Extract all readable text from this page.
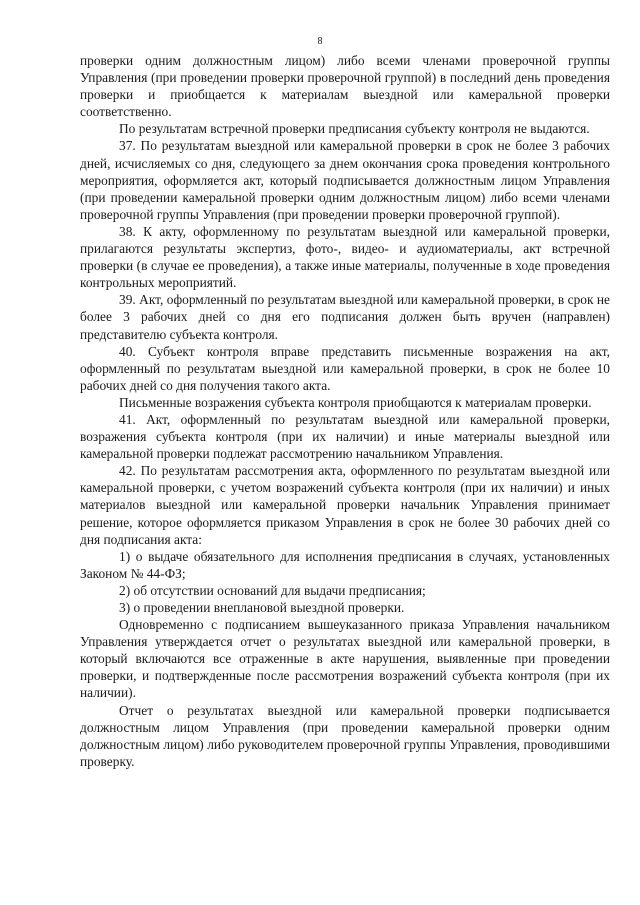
8

проверки одним должностным лицом) либо всеми членами проверочной группы Управления (при проведении проверки проверочной группой) в последний день проведения проверки и приобщается к материалам выездной или камеральной проверки соответственно.

По результатам встречной проверки предписания субъекту контроля не выдаются.

37. По результатам выездной или камеральной проверки в срок не более 3 рабочих дней, исчисляемых со дня, следующего за днем окончания срока проведения контрольного мероприятия, оформляется акт, который подписывается должностным лицом Управления (при проведении камеральной проверки одним должностным лицом) либо всеми членами проверочной группы Управления (при проведении проверки проверочной группой).

38. К акту, оформленному по результатам выездной или камеральной проверки, прилагаются результаты экспертиз, фото-, видео- и аудиоматериалы, акт встречной проверки (в случае ее проведения), а также иные материалы, полученные в ходе проведения контрольных мероприятий.

39. Акт, оформленный по результатам выездной или камеральной проверки, в срок не более 3 рабочих дней со дня его подписания должен быть вручен (направлен) представителю субъекта контроля.

40. Субъект контроля вправе представить письменные возражения на акт, оформленный по результатам выездной или камеральной проверки, в срок не более 10 рабочих дней со дня получения такого акта.

Письменные возражения субъекта контроля приобщаются к материалам проверки.

41. Акт, оформленный по результатам выездной или камеральной проверки, возражения субъекта контроля (при их наличии) и иные материалы выездной или камеральной проверки подлежат рассмотрению начальником Управления.

42. По результатам рассмотрения акта, оформленного по результатам выездной или камеральной проверки, с учетом возражений субъекта контроля (при их наличии) и иных материалов выездной или камеральной проверки начальник Управления принимает решение, которое оформляется приказом Управления в срок не более 30 рабочих дней со дня подписания акта:

1) о выдаче обязательного для исполнения предписания в случаях, установленных Законом № 44-ФЗ;

2) об отсутствии оснований для выдачи предписания;

3) о проведении внеплановой выездной проверки.

Одновременно с подписанием вышеуказанного приказа Управления начальником Управления утверждается отчет о результатах выездной или камеральной проверки, в который включаются все отраженные в акте нарушения, выявленные при проведении проверки, и подтвержденные после рассмотрения возражений субъекта контроля (при их наличии).

Отчет о результатах выездной или камеральной проверки подписывается должностным лицом Управления (при проведении камеральной проверки одним должностным лицом) либо руководителем проверочной группы Управления, проводившими проверку.
